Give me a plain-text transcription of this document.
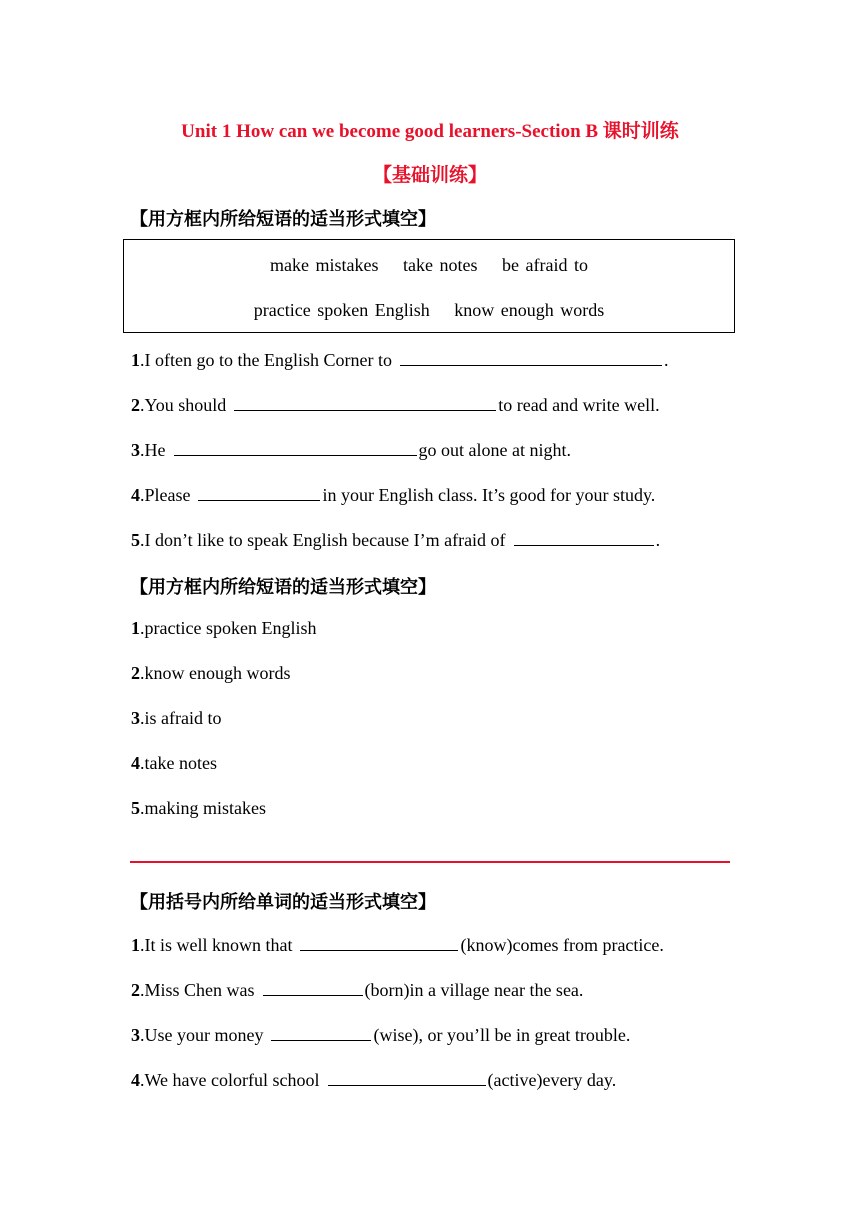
Unit 1 How can we become good learners-Section B 课时训练
【基础训练】
【用方框内所给短语的适当形式填空】
make mistakes take notes be afraid to
practice spoken English know enough words
1.I often go to the English Corner to	.
2.You should	to read and write well.
3.He	go out alone at night.
4.Please	in your English class. It’s good for your study.
5.I don’t like to speak English because I’m afraid of	.
【用方框内所给短语的适当形式填空】
1.practice spoken English
2.know enough words
3.is afraid to
4.take notes
5.making mistakes
【用括号内所给单词的适当形式填空】
1.It is well known that	(know)comes from practice.
2.Miss Chen was	(born)in a village near the sea.
3.Use your money	(wise), or you’ll be in great trouble.
4.We have colorful school	(active)every day.
